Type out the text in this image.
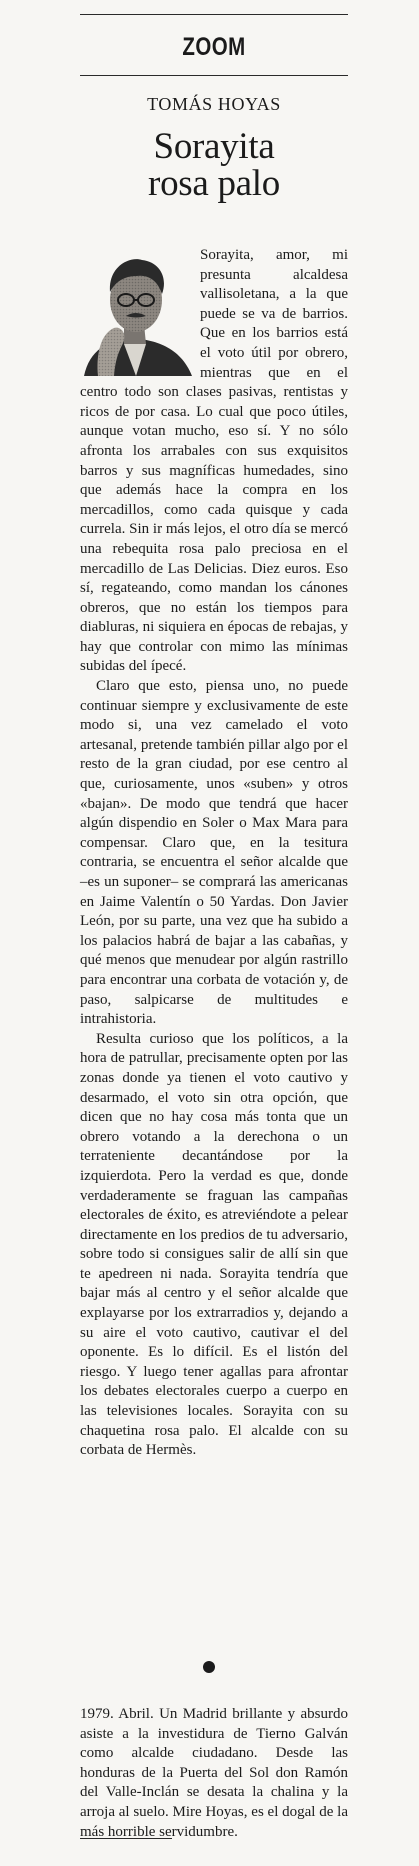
ZOOM
TOMÁS HOYAS
Sorayita
rosa palo

Sorayita, amor, mi presunta alcaldesa vallisoletana, a la que puede se va de barrios. Que en los barrios está el voto útil por obrero, mientras que en el centro todo son clases pasivas, rentistas y ricos de por casa. Lo cual que poco útiles, aunque votan mucho, eso sí. Y no sólo afronta los arrabales con sus exquisitos barros y sus magníficas humedades, sino que además hace la compra en los mercadillos, como cada quisque y cada currela. Sin ir más lejos, el otro día se mercó una rebequita rosa palo preciosa en el mercadillo de Las Delicias. Diez euros. Eso sí, regateando, como mandan los cánones obreros, que no están los tiempos para diabluras, ni siquiera en épocas de rebajas, y hay que controlar con mimo las mínimas subidas del ípecé.

Claro que esto, piensa uno, no puede continuar siempre y exclusivamente de este modo si, una vez camelado el voto artesanal, pretende también pillar algo por el resto de la gran ciudad, por ese centro al que, curiosamente, unos «suben» y otros «bajan». De modo que tendrá que hacer algún dispendio en Soler o Max Mara para compensar. Claro que, en la tesitura contraria, se encuentra el señor alcalde que –es un suponer– se comprará las americanas en Jaime Valentín o 50 Yardas. Don Javier León, por su parte, una vez que ha subido a los palacios habrá de bajar a las cabañas, y qué menos que menudear por algún rastrillo para encontrar una corbata de votación y, de paso, salpicarse de multitudes e intrahistoria.

Resulta curioso que los políticos, a la hora de patrullar, precisamente opten por las zonas donde ya tienen el voto cautivo y desarmado, el voto sin otra opción, que dicen que no hay cosa más tonta que un obrero votando a la derechona o un terrateniente decantándose por la izquierdota. Pero la verdad es que, donde verdaderamente se fraguan las campañas electorales de éxito, es atreviéndote a pelear directamente en los predios de tu adversario, sobre todo si consigues salir de allí sin que te apedreen ni nada. Sorayita tendría que bajar más al centro y el señor alcalde que explayarse por los extrarradios y, dejando a su aire el voto cautivo, cautivar el del oponente. Es lo difícil. Es el listón del riesgo. Y luego tener agallas para afrontar los debates electorales cuerpo a cuerpo en las televisiones locales. Sorayita con su chaquetina rosa palo. El alcalde con su corbata de Hermès.

1979. Abril. Un Madrid brillante y absurdo asiste a la investidura de Tierno Galván como alcalde ciudadano. Desde las honduras de la Puerta del Sol don Ramón del Valle-Inclán se desata la chalina y la arroja al suelo. Mire Hoyas, es el dogal de la más horrible servidumbre.
